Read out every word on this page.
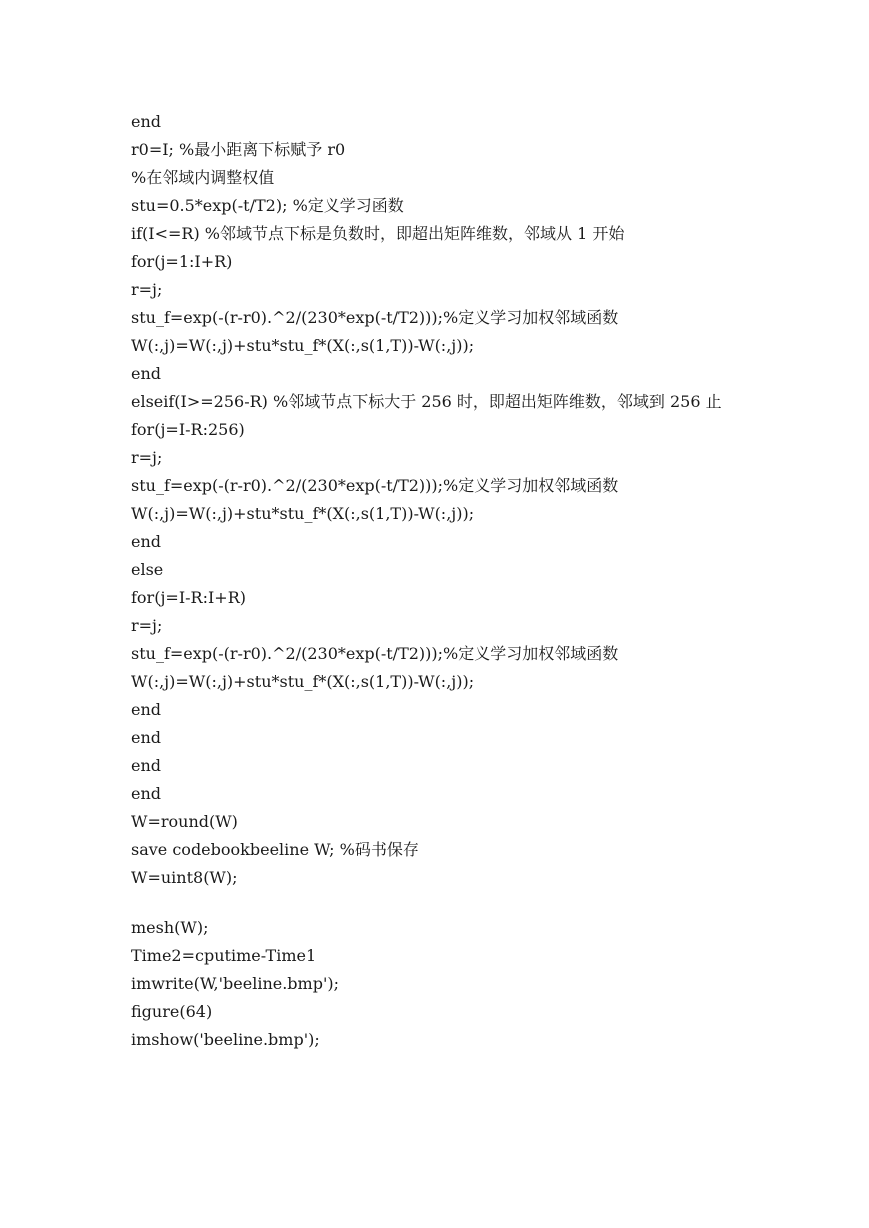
end
r0=I; %最小距离下标赋予 r0
%在邻域内调整权值
stu=0.5*exp(-t/T2); %定义学习函数
if(I<=R) %邻域节点下标是负数时，即超出矩阵维数，邻域从 1 开始
for(j=1:I+R)
r=j;
stu_f=exp(-(r-r0).^2/(230*exp(-t/T2)));%定义学习加权邻域函数
W(:,j)=W(:,j)+stu*stu_f*(X(:,s(1,T))-W(:,j));
end
elseif(I>=256-R) %邻域节点下标大于 256 时，即超出矩阵维数，邻域到 256 止
for(j=I-R:256)
r=j;
stu_f=exp(-(r-r0).^2/(230*exp(-t/T2)));%定义学习加权邻域函数
W(:,j)=W(:,j)+stu*stu_f*(X(:,s(1,T))-W(:,j));
end
else
for(j=I-R:I+R)
r=j;
stu_f=exp(-(r-r0).^2/(230*exp(-t/T2)));%定义学习加权邻域函数
W(:,j)=W(:,j)+stu*stu_f*(X(:,s(1,T))-W(:,j));
end
end
end
end
W=round(W)
save codebookbeeline W; %码书保存
W=uint8(W);
mesh(W);
Time2=cputime-Time1
imwrite(W,'beeline.bmp');
figure(64)
imshow('beeline.bmp');
